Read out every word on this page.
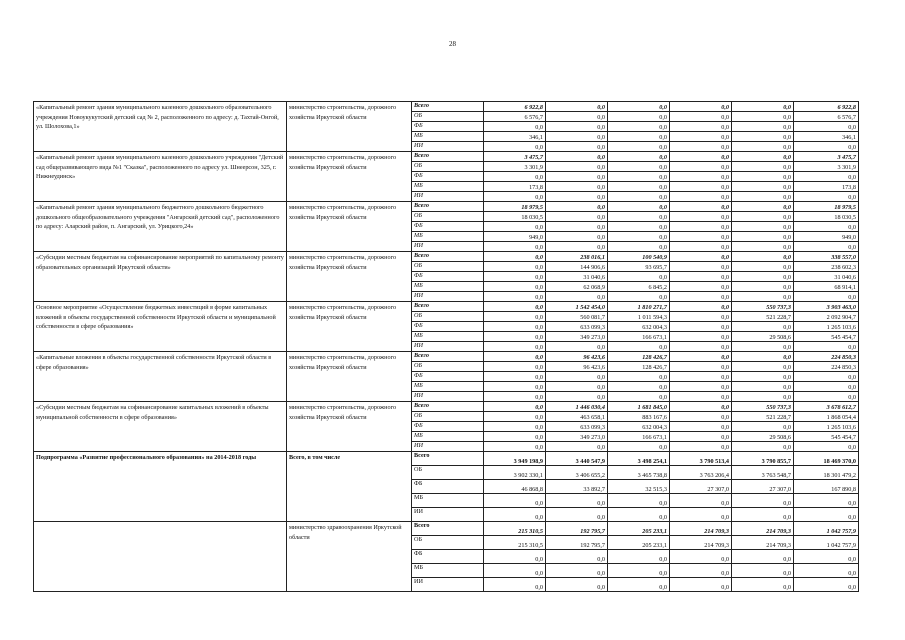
28
«Капитальный ремонт здания муниципального казенного дошкольного образовательного учреждения Новоукукутский детский сад № 2, расположенного по адресу: д. Тахтай-Онгой, ул. Шолохова,1»	министерство строительства, дорожного хозяйства Иркутской области	Всего	6 922,8	0,0	0,0	0,0	0,0	6 922,8
		ОБ	6 576,7	0,0	0,0	0,0	0,0	6 576,7
		ФБ	0,0	0,0	0,0	0,0	0,0	0,0
		МБ	346,1	0,0	0,0	0,0	0,0	346,1
		ИИ	0,0	0,0	0,0	0,0	0,0	0,0
«Капитальный ремонт здания муниципального казенного дошкольного учреждения "Детский сад общеразвивающего вида №1 "Сказка", расположенного по адресу ул. Шнеерсон, 325, г. Нижнеудинск»	министерство строительства, дорожного хозяйства Иркутской области	Всего	3 475,7	0,0	0,0	0,0	0,0	3 475,7
		ОБ	3 301,9	0,0	0,0	0,0	0,0	3 301,9
		ФБ	0,0	0,0	0,0	0,0	0,0	0,0
		МБ	173,8	0,0	0,0	0,0	0,0	173,8
		ИИ	0,0	0,0	0,0	0,0	0,0	0,0
«Капитальный ремонт здания муниципального бюджетного дошкольного бюджетного дошкольного общеобразовательного учреждения "Ангарский детский сад", расположенного по адресу: Аларский район, п. Ангарский, ул. Урицкого,24»	министерство строительства, дорожного хозяйства Иркутской области	Всего	18 979,5	0,0	0,0	0,0	0,0	18 979,5
		ОБ	18 030,5	0,0	0,0	0,0	0,0	18 030,5
		ФБ	0,0	0,0	0,0	0,0	0,0	0,0
		МБ	949,0	0,0	0,0	0,0	0,0	949,0
		ИИ	0,0	0,0	0,0	0,0	0,0	0,0
«Субсидии местным бюджетам на софинансирование мероприятий по капитальному ремонту образовательных организаций Иркутской области»	министерство строительства, дорожного хозяйства Иркутской области	Всего	0,0	238 016,1	100 540,9	0,0	0,0	338 557,0
		ОБ	0,0	144 906,6	93 695,7	0,0	0,0	238 602,3
		ФБ	0,0	31 040,6	0,0	0,0	0,0	31 040,6
		МБ	0,0	62 068,9	6 845,2	0,0	0,0	68 914,1
		ИИ	0,0	0,0	0,0	0,0	0,0	0,0
Основное мероприятие «Осуществление бюджетных инвестиций в форме капитальных вложений в объекты государственной собственности Иркутской области и муниципальной собственности в сфере образования»	министерство строительства, дорожного хозяйства Иркутской области	Всего	0,0	1 542 454,0	1 810 271,7	0,0	550 737,3	3 903 463,0
		ОБ	0,0	560 081,7	1 011 594,3	0,0	521 228,7	2 092 904,7
		ФБ	0,0	633 099,3	632 004,3	0,0	0,0	1 265 103,6
		МБ	0,0	349 273,0	166 673,1	0,0	29 508,6	545 454,7
		ИИ	0,0	0,0	0,0	0,0	0,0	0,0
«Капитальные вложения в объекты государственной собственности Иркутской области в сфере образования»	министерство строительства, дорожного хозяйства Иркутской области	Всего	0,0	96 423,6	128 426,7	0,0	0,0	224 850,3
		ОБ	0,0	96 423,6	128 426,7	0,0	0,0	224 850,3
		ФБ	0,0	0,0	0,0	0,0	0,0	0,0
		МБ	0,0	0,0	0,0	0,0	0,0	0,0
		ИИ	0,0	0,0	0,0	0,0	0,0	0,0
«Субсидии местным бюджетам на софинансирование капитальных вложений в объекты муниципальной собственности в сфере образования»	министерство строительства, дорожного хозяйства Иркутской области	Всего	0,0	1 446 030,4	1 681 845,0	0,0	550 737,3	3 678 612,7
		ОБ	0,0	463 658,1	883 167,6	0,0	521 228,7	1 868 054,4
		ФБ	0,0	633 099,3	632 004,3	0,0	0,0	1 265 103,6
		МБ	0,0	349 273,0	166 673,1	0,0	29 508,6	545 454,7
		ИИ	0,0	0,0	0,0	0,0	0,0	0,0
Подпрограмма «Развитие профессионального образования» на 2014-2018 годы	Всего, в том числе	Всего	3 949 198,9	3 440 547,9	3 498 254,1	3 790 513,4	3 790 855,7	18 469 370,0
		ОБ	3 902 330,1	3 406 655,2	3 465 738,8	3 763 206,4	3 763 548,7	18 301 479,2
		ФБ	46 868,8	33 892,7	32 515,3	27 307,0	27 307,0	167 890,8
		МБ	0,0	0,0	0,0	0,0	0,0	0,0
		ИИ	0,0	0,0	0,0	0,0	0,0	0,0
	министерство здравоохранения Иркутской области	Всего	215 310,5	192 795,7	205 233,1	214 709,3	214 709,3	1 042 757,9
		ОБ	215 310,5	192 795,7	205 233,1	214 709,3	214 709,3	1 042 757,9
		ФБ	0,0	0,0	0,0	0,0	0,0	0,0
		МБ	0,0	0,0	0,0	0,0	0,0	0,0
		ИИ	0,0	0,0	0,0	0,0	0,0	0,0
